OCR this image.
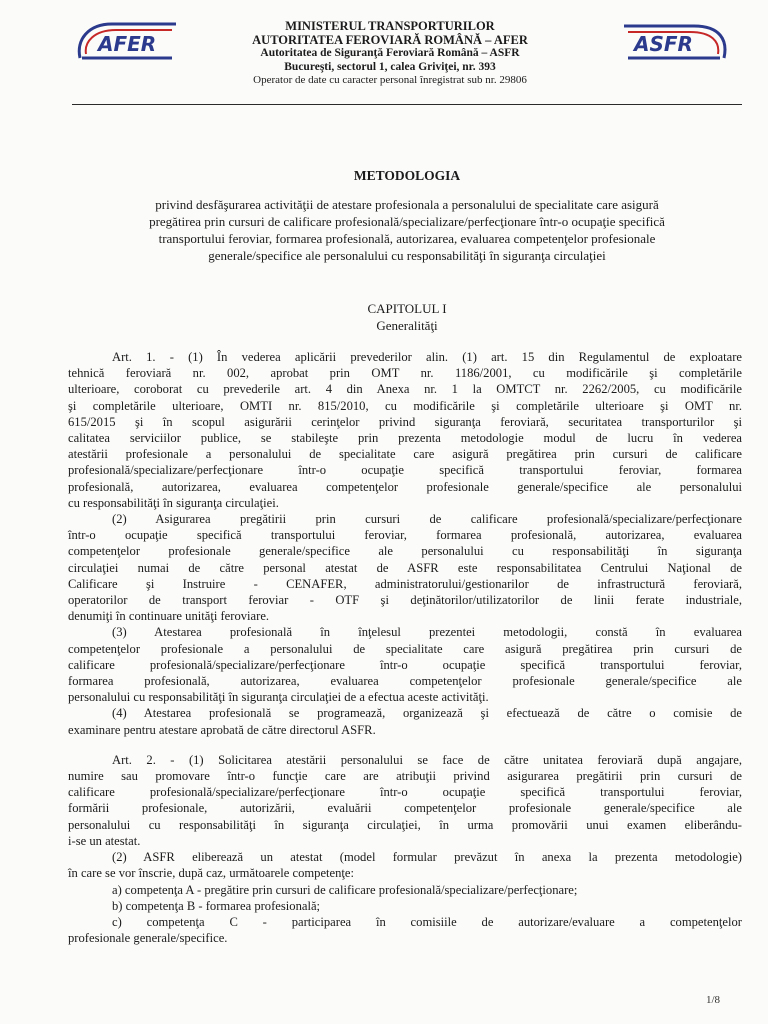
AFER
MINISTERUL TRANSPORTURILOR
AUTORITATEA FEROVIARĂ ROMÂNĂ – AFER
Autoritatea de Siguranţă Feroviară Română – ASFR
Bucureşti, sectorul 1, calea Griviţei, nr. 393
Operator de date cu caracter personal înregistrat sub nr. 29806
ASFR
METODOLOGIA
privind desfăşurarea activităţii de atestare profesionala a personalului de specialitate care asigură
pregătirea prin cursuri de calificare profesională/specializare/perfecţionare într-o ocupaţie specifică
transportului feroviar, formarea profesională, autorizarea, evaluarea competenţelor profesionale
generale/specifice ale personalului cu responsabilităţi în siguranţa circulaţiei
CAPITOLUL I
Generalităţi
Art. 1. - (1) În vederea aplicării prevederilor alin. (1) art. 15 din Regulamentul de exploatare
tehnică feroviară nr. 002, aprobat prin OMT nr. 1186/2001, cu modificările şi completările
ulterioare, coroborat cu prevederile art. 4 din Anexa nr. 1 la OMTCT nr. 2262/2005, cu modificările
şi completările ulterioare, OMTI nr. 815/2010, cu modificările şi completările ulterioare şi OMT nr.
615/2015 şi în scopul asigurării cerinţelor privind siguranţa feroviară, securitatea transporturilor şi
calitatea serviciilor publice, se stabileşte prin prezenta metodologie modul de lucru în vederea
atestării profesionale a personalului de specialitate care asigură pregătirea prin cursuri de calificare
profesională/specializare/perfecţionare într-o ocupaţie specifică transportului feroviar, formarea
profesională, autorizarea, evaluarea competenţelor profesionale generale/specifice ale personalului
cu responsabilităţi în siguranţa circulaţiei.
(2) Asigurarea pregătirii prin cursuri de calificare profesională/specializare/perfecţionare
într-o ocupaţie specifică transportului feroviar, formarea profesională, autorizarea, evaluarea
competenţelor profesionale generale/specifice ale personalului cu responsabilităţi în siguranţa
circulaţiei numai de către personal atestat de ASFR este responsabilitatea Centrului Naţional de
Calificare şi Instruire - CENAFER, administratorului/gestionarilor de infrastructură feroviară,
operatorilor de transport feroviar - OTF şi deţinătorilor/utilizatorilor de linii ferate industriale,
denumiţi în continuare unităţi feroviare.
(3) Atestarea profesională în înţelesul prezentei metodologii, constă în evaluarea
competenţelor profesionale a personalului de specialitate care asigură pregătirea prin cursuri de
calificare profesională/specializare/perfecţionare într-o ocupaţie specifică transportului feroviar,
formarea profesională, autorizarea, evaluarea competenţelor profesionale generale/specifice ale
personalului cu responsabilităţi în siguranţa circulaţiei de a efectua aceste activităţi.
(4) Atestarea profesională se programează, organizează şi efectuează de către o comisie de
examinare pentru atestare aprobată de către directorul ASFR.
Art. 2. - (1) Solicitarea atestării personalului se face de către unitatea feroviară după angajare,
numire sau promovare într-o funcţie care are atribuţii privind asigurarea pregătirii prin cursuri de
calificare profesională/specializare/perfecţionare într-o ocupaţie specifică transportului feroviar,
formării profesionale, autorizării, evaluării competenţelor profesionale generale/specifice ale
personalului cu responsabilităţi în siguranţa circulaţiei, în urma promovării unui examen eliberându-
i-se un atestat.
(2) ASFR eliberează un atestat (model formular prevăzut în anexa la prezenta metodologie)
în care se vor înscrie, după caz, următoarele competenţe:
a) competenţa A - pregătire prin cursuri de calificare profesională/specializare/perfecţionare;
b) competenţa B - formarea profesională;
c) competenţa C - participarea în comisiile de autorizare/evaluare a competenţelor
profesionale generale/specifice.
1/8
